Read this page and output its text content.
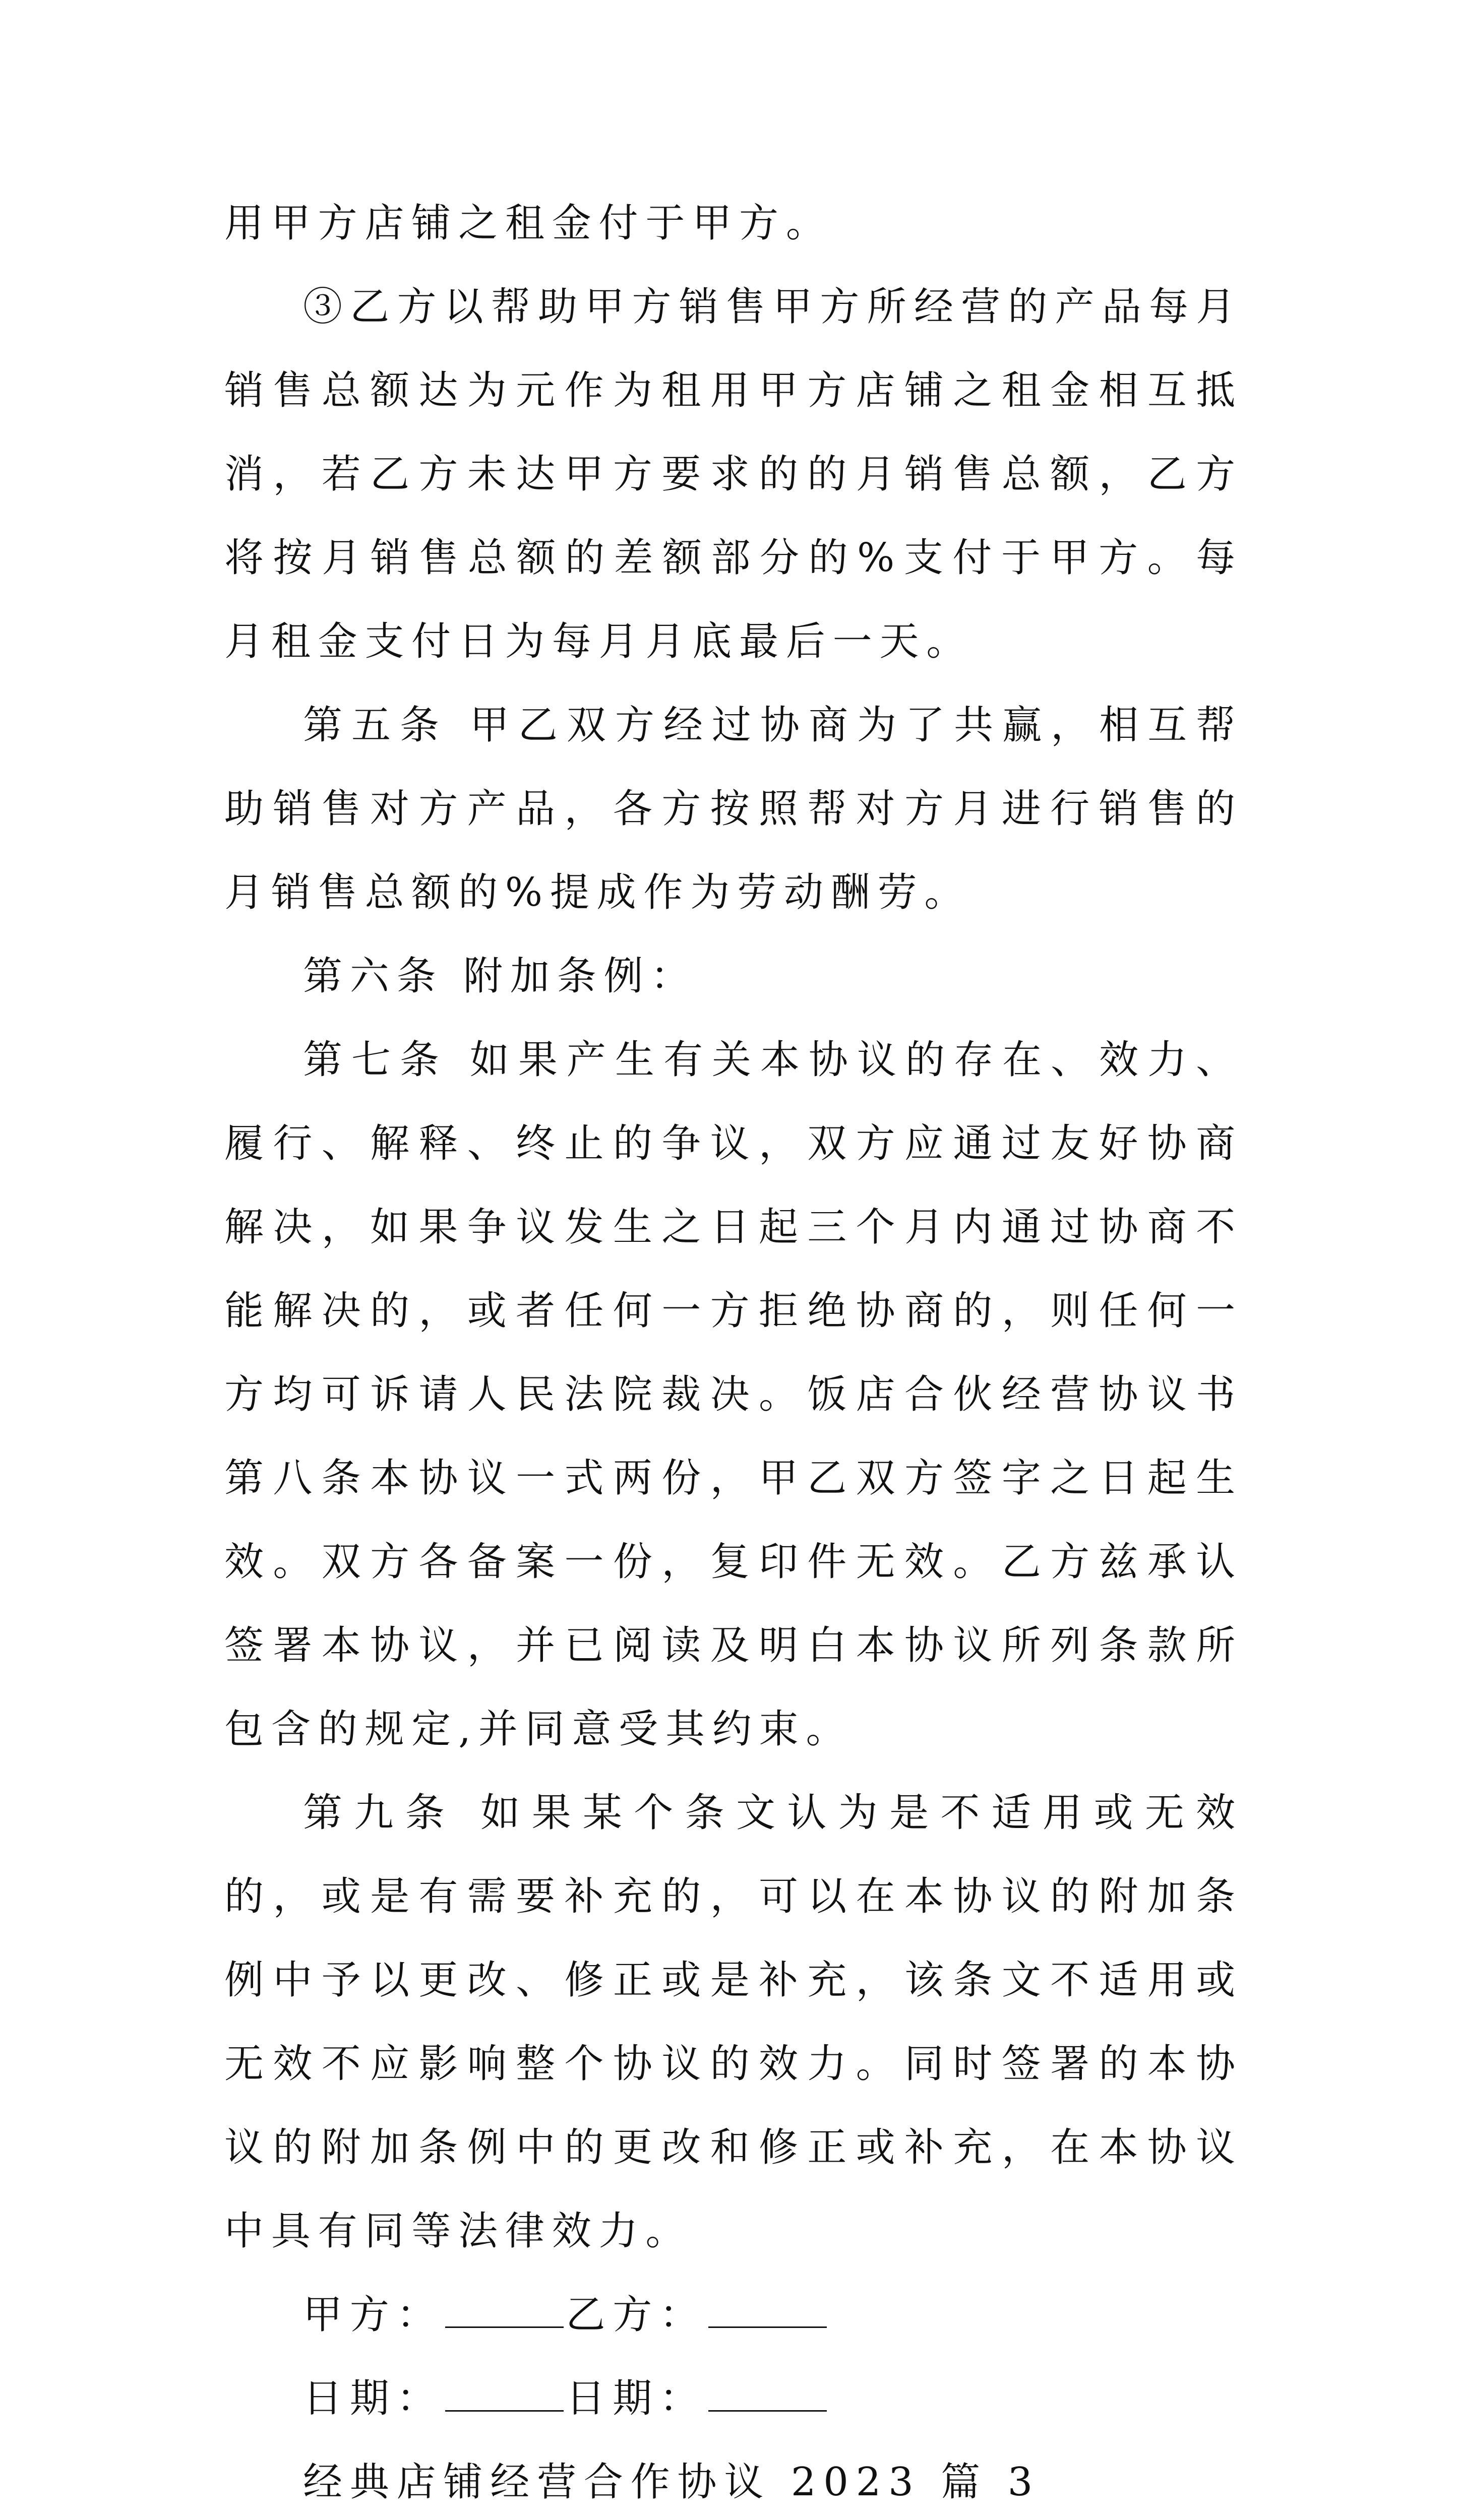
用甲方店铺之租金付于甲方。

③乙方以帮助甲方销售甲方所经营的产品每月销售总额达为元作为租用甲方店铺之租金相互抵消，若乙方未达甲方要求的的月销售总额，乙方将按月销售总额的差额部分的%支付于甲方。每月租金支付日为每月月底最后一天。

第五条 甲乙双方经过协商为了共赢，相互帮助销售对方产品，各方按照帮对方月进行销售的月销售总额的%提成作为劳动酬劳。

第六条 附加条例：

第七条 如果产生有关本协议的存在、效力、履行、解释、终止的争议，双方应通过友好协商解决，如果争议发生之日起三个月内通过协商不能解决的，或者任何一方拒绝协商的，则任何一方均可诉请人民法院裁决。饭店合伙经营协议书第八条本协议一式两份，甲乙双方签字之日起生效。双方各备案一份，复印件无效。乙方兹承认签署本协议，并已阅读及明白本协议所列条款所包含的规定,并同意受其约束。

第九条 如果某个条文认为是不适用或无效的，或是有需要补充的，可以在本协议的附加条例中予以更改、修正或是补充，该条文不适用或无效不应影响整个协议的效力。同时签署的本协议的附加条例中的更改和修正或补充，在本协议中具有同等法律效力。

甲方：	乙方：

日期：	日期：

经典店铺经营合作协议 2023 篇 3
